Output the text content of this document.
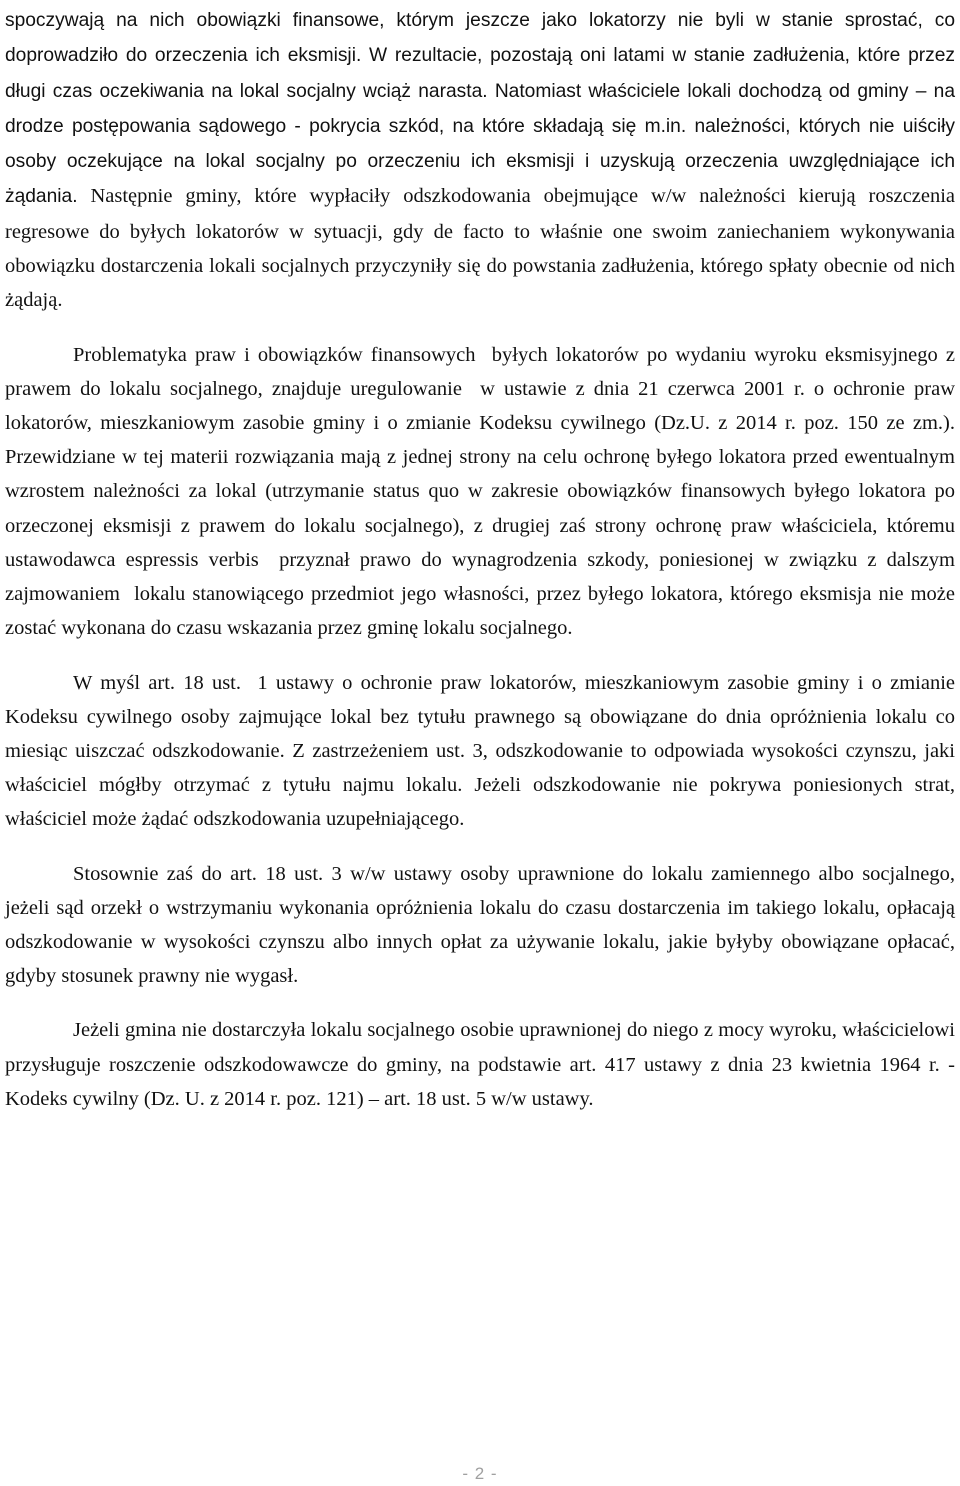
spoczywają na nich obowiązki finansowe, którym jeszcze jako lokatorzy nie byli w stanie sprostać, co doprowadziło do orzeczenia ich eksmisji. W rezultacie, pozostają oni latami w stanie zadłużenia, które przez długi czas oczekiwania na lokal socjalny wciąż narasta. Natomiast właściciele lokali dochodzą od gminy – na drodze postępowania sądowego - pokrycia szkód, na które składają się m.in. należności, których nie uiściły osoby oczekujące na lokal socjalny po orzeczeniu ich eksmisji i uzyskują orzeczenia uwzględniające ich żądania. Następnie gminy, które wypłaciły odszkodowania obejmujące w/w należności kierują roszczenia regresowe do byłych lokatorów w sytuacji, gdy de facto to właśnie one swoim zaniechaniem wykonywania obowiązku dostarczenia lokali socjalnych przyczyniły się do powstania zadłużenia, którego spłaty obecnie od nich żądają.

Problematyka praw i obowiązków finansowych  byłych lokatorów po wydaniu wyroku eksmisyjnego z prawem do lokalu socjalnego, znajduje uregulowanie  w ustawie z dnia 21 czerwca 2001 r. o ochronie praw lokatorów, mieszkaniowym zasobie gminy i o zmianie Kodeksu cywilnego (Dz.U. z 2014 r. poz. 150 ze zm.). Przewidziane w tej materii rozwiązania mają z jednej strony na celu ochronę byłego lokatora przed ewentualnym wzrostem należności za lokal (utrzymanie status quo w zakresie obowiązków finansowych byłego lokatora po orzeczonej eksmisji z prawem do lokalu socjalnego), z drugiej zaś strony ochronę praw właściciela, któremu ustawodawca espressis verbis  przyznał prawo do wynagrodzenia szkody, poniesionej w związku z dalszym zajmowaniem  lokalu stanowiącego przedmiot jego własności, przez byłego lokatora, którego eksmisja nie może zostać wykonana do czasu wskazania przez gminę lokalu socjalnego.

W myśl art. 18 ust.  1 ustawy o ochronie praw lokatorów, mieszkaniowym zasobie gminy i o zmianie Kodeksu cywilnego osoby zajmujące lokal bez tytułu prawnego są obowiązane do dnia opróżnienia lokalu co miesiąc uiszczać odszkodowanie. Z zastrzeżeniem ust. 3, odszkodowanie to odpowiada wysokości czynszu, jaki właściciel mógłby otrzymać z tytułu najmu lokalu. Jeżeli odszkodowanie nie pokrywa poniesionych strat, właściciel może żądać odszkodowania uzupełniającego.

Stosownie zaś do art. 18 ust. 3 w/w ustawy osoby uprawnione do lokalu zamiennego albo socjalnego, jeżeli sąd orzekł o wstrzymaniu wykonania opróżnienia lokalu do czasu dostarczenia im takiego lokalu, opłacają odszkodowanie w wysokości czynszu albo innych opłat za używanie lokalu, jakie byłyby obowiązane opłacać, gdyby stosunek prawny nie wygasł.

Jeżeli gmina nie dostarczyła lokalu socjalnego osobie uprawnionej do niego z mocy wyroku, właścicielowi przysługuje roszczenie odszkodowawcze do gminy, na podstawie art. 417 ustawy z dnia 23 kwietnia 1964 r. - Kodeks cywilny (Dz. U. z 2014 r. poz. 121) – art. 18 ust. 5 w/w ustawy.

- 2 -
